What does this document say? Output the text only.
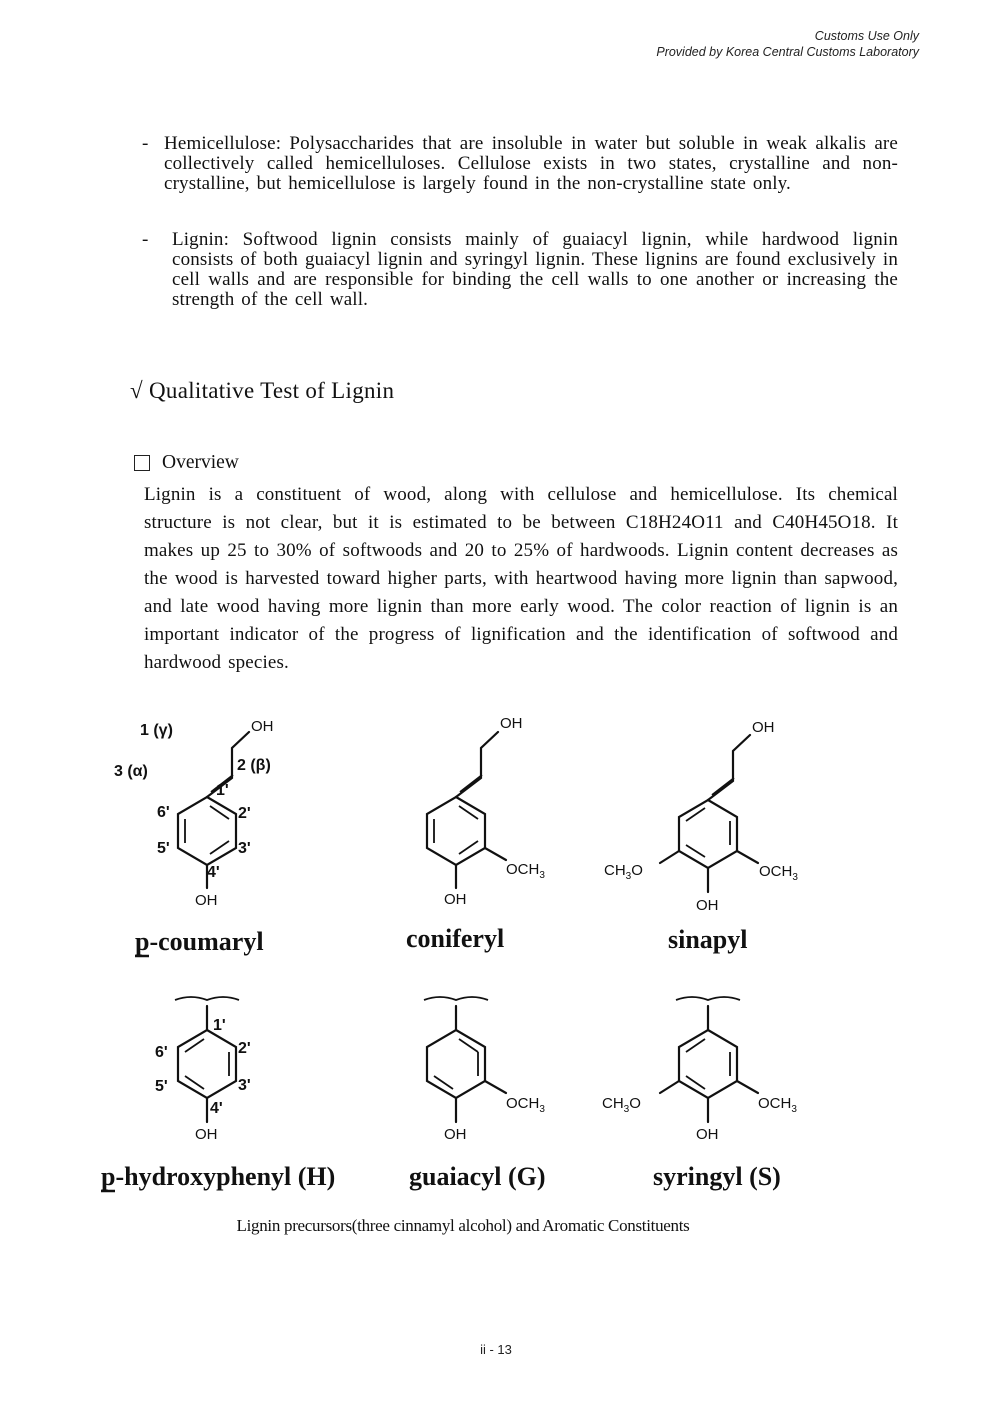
Customs Use Only
Provided by Korea Central Customs Laboratory
- Hemicellulose: Polysaccharides that are insoluble in water but soluble in weak alkalis are collectively called hemicelluloses. Cellulose exists in two states, crystalline and non-crystalline, but hemicellulose is largely found in the non-crystalline state only.
- Lignin: Softwood lignin consists mainly of guaiacyl lignin, while hardwood lignin consists of both guaiacyl lignin and syringyl lignin. These lignins are found exclusively in cell walls and are responsible for binding the cell walls to one another or increasing the strength of the cell wall.
√ Qualitative Test of Lignin
Overview
Lignin is a constituent of wood, along with cellulose and hemicellulose. Its chemical structure is not clear, but it is estimated to be between C18H24O11 and C40H45O18. It makes up 25 to 30% of softwoods and 20 to 25% of hardwoods. Lignin content decreases as the wood is harvested toward higher parts, with heartwood having more lignin than sapwood, and late wood having more lignin than more early wood. The color reaction of lignin is an important indicator of the progress of lignification and the identification of softwood and hardwood species.
OH
OH
1 (γ)
2 (β)
3 (α)
1'
2'
3'
4'
5'
6'
p-coumaryl
OH
OH
$OCH_3$
coniferyl
OH
OH
$OCH_3$
$CH_3O$
sinapyl
OH
1'
2'
3'
4'
5'
6'
p-hydroxyphenyl (H)
OH
$OCH_3$
guaiacyl (G)
OH
$OCH_3$
$CH_3O$
syringyl (S)
Lignin precursors(three cinnamyl alcohol) and Aromatic Constituents
ii - 13
